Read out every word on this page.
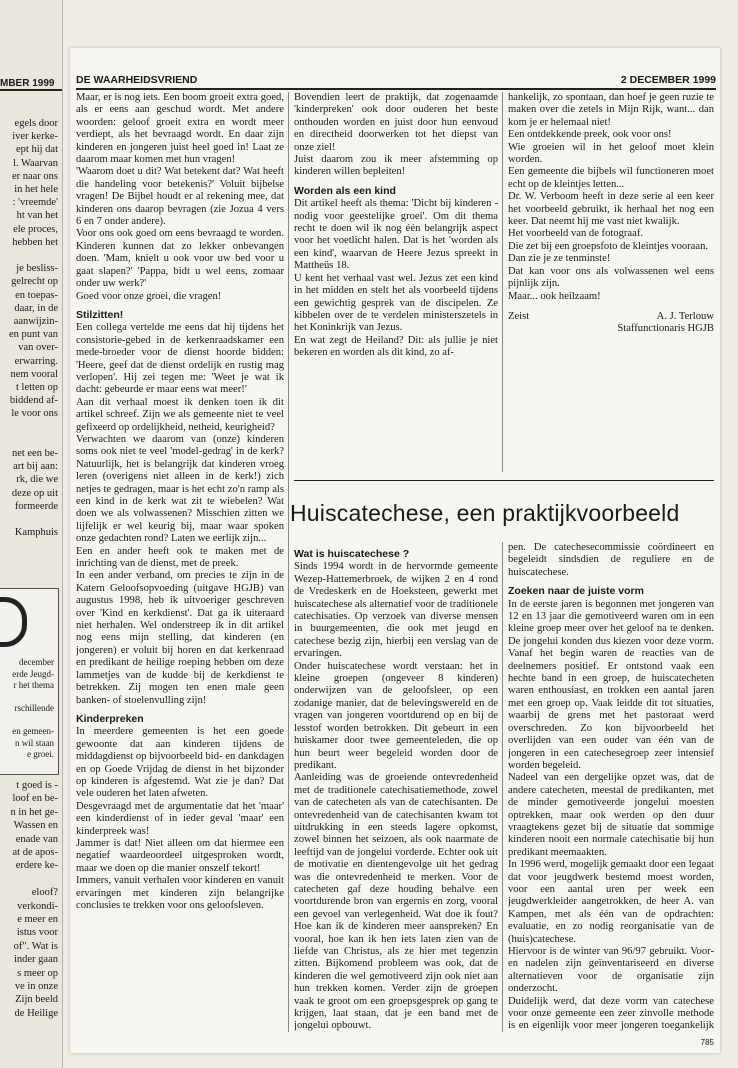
MBER 1999
egels door
iver kerke-
ept hij dat
l. Waarvan
er naar ons
in het hele
: 'vreemde'
ht van het
ele proces,
hebben het
je besliss-
gelrecht op
en toepas-
daar, in de
aanwijzin-
en punt van
van over-
erwarring.
nem vooral
t letten op
biddend af-
le voor ons
net een be-
art bij aan:
rk, die we
deze op uit
formeerde
Kamphuis
december
erde Jeugd-
r het thema
rschillende
en gemeen-
n wil staan
e groei.
t goed is -
loof en be-
n in het ge-
Wassen en
enade van
at de apos-
erdere ke-
eloof?
verkondi-
e meer en
istus voor
of". Wat is
inder gaan
s meer op
ve in onze
Zijn beeld
de Heilige
DE WAARHEIDSVRIEND	2 DECEMBER 1999

Maar, er is nog iets. Een boom groeit extra goed, als er eens aan geschud wordt. Met andere woorden: geloof groeit extra en wordt meer verdiept, als het bevraagd wordt. En daar zijn kinderen en jongeren juist heel goed in! Laat ze daarom maar komen met hun vragen!

'Waarom doet u dit? Wat betekent dat? Wat heeft die handeling voor betekenis?' Voluit bijbelse vragen! De Bijbel houdt er al rekening mee, dat kinderen ons daarop bevragen (zie Jozua 4 vers 6 en 7 onder andere).

Voor ons ook goed om eens bevraagd te worden. Kinderen kunnen dat zo lekker onbevangen doen. 'Mam, knielt u ook voor uw bed voor u gaat slapen?' 'Pappa, bidt u wel eens, zomaar onder uw werk?'

Goed voor onze groei, die vragen!

Stilzitten!

Een collega vertelde me eens dat hij tijdens het consistorie-gebed in de kerkenraadskamer een mede-broeder voor de dienst hoorde bidden: 'Heere, geef dat de dienst ordelijk en rustig mag verlopen'. Hij zei tegen me: 'Weet je wat ik dacht: gebeurde er maar eens wat meer!'

Aan dit verhaal moest ik denken toen ik dit artikel schreef. Zijn we als gemeente niet te veel gefixeerd op ordelijkheid, netheid, keurigheid?

Verwachten we daarom van (onze) kinderen soms ook niet te veel 'model-gedrag' in de kerk? Natuurlijk, het is belangrijk dat kinderen vroeg leren (overigens niet alleen in de kerk!) zich netjes te gedragen, maar is het echt zo'n ramp als een kind in de kerk wat zit te wiebelen? Wat doen we als volwassenen? Misschien zitten we lijfelijk er wel keurig bij, maar waar spoken onze gedachten rond? Laten we eerlijk zijn...

Een en ander heeft ook te maken met de inrichting van de dienst, met de preek.

In een ander verband, om precies te zijn in de Katern Geloofsopvoeding (uitgave HGJB) van augustus 1998, heb ik uitvoeriger geschreven over 'Kind en kerkdienst'. Dat ga ik uiteraard niet herhalen. Wel onderstreep ik in dit artikel nog eens mijn stelling, dat kinderen (en jongeren) er voluit bij horen en dat kerkenraad en predikant de heilige roeping hebben om deze lammetjes van de kudde bij de kerkdienst te betrekken. Zij mogen ten enen male geen banken- of stoelenvulling zijn!

Kinderpreken

In meerdere gemeenten is het een goede gewoonte dat aan kinderen tijdens de middagdienst op bijvoorbeeld bid- en dankdagen en op Goede Vrijdag de dienst in het bijzonder op kinderen is afgestemd. Wat zie je dan? Dat vele ouderen het laten afweten.

Desgevraagd met de argumentatie dat het 'maar' een kinderdienst of in ieder geval 'maar' een kinderpreek was!

Jammer is dat! Niet alleen om dat hiermee een negatief waardeoordeel uitgesproken wordt, maar we doen op die manier onszelf tekort!

Immers, vanuit verhalen voor kinderen en vanuit ervaringen met kinderen zijn belangrijke conclusies te trekken voor ons geloofsleven.

Bovendien leert de praktijk, dat zogenaamde 'kinderpreken' ook door ouderen het beste onthouden worden en juist door hun eenvoud en directheid doorwerken tot het diepst van onze ziel!

Juist daarom zou ik meer afstemming op kinderen willen bepleiten!

Worden als een kind

Dit artikel heeft als thema: 'Dicht bij kinderen - nodig voor geestelijke groei'. Om dit thema recht te doen wil ik nog één belangrijk aspect voor het voetlicht halen. Dat is het 'worden als een kind', waarvan de Heere Jezus spreekt in Mattheüs 18.

U kent het verhaal vast wel. Jezus zet een kind in het midden en stelt het als voorbeeld tijdens een gewichtig gesprek van de discipelen. Ze kibbelen over de te verdelen ministerszetels in het Koninkrijk van Jezus.

En wat zegt de Heiland? Dit: als jullie je niet bekeren en worden als dit kind, zo af-

hankelijk, zo spontaan, dan hoef je geen ruzie te maken over die zetels in Mijn Rijk, want... dan kom je er helemaal niet!

Een ontdekkende preek, ook voor ons!

Wie groeien wil in het geloof moet klein worden.

Een gemeente die bijbels wil functioneren moet echt op de kleintjes letten...

Dr. W. Verboom heeft in deze serie al een keer het voorbeeld gebruikt, ik herhaal het nog een keer. Dat neemt hij me vast niet kwalijk.

Het voorbeeld van de fotograaf.

Die zet bij een groepsfoto de kleintjes vooraan.

Dan zie je ze tenminste!

Dat kan voor ons als volwassenen wel eens pijnlijk zijn.

Maar... ook heilzaam!

Zeist	A. J. Terlouw
Staffunctionaris HGJB
Huiscatechese, een praktijkvoorbeeld
Wat is huiscatechese ?

Sinds 1994 wordt in de hervormde gemeente Wezep-Hattemerbroek, de wijken 2 en 4 rond de Vredeskerk en de Hoeksteen, gewerkt met huiscatechese als alternatief voor de traditionele catechisaties. Op verzoek van diverse mensen in buurgemeenten, die ook met jeugd en catechese bezig zijn, hierbij een verslag van de ervaringen.

Onder huiscatechese wordt verstaan: het in kleine groepen (ongeveer 8 kinderen) onderwijzen van de geloofsleer, op een zodanige manier, dat de belevingswereld en de vragen van jongeren voortdurend op en bij de lesstof worden betrokken. Dit gebeurt in een huiskamer door twee gemeenteleden, die op hun beurt weer begeleid worden door de predikant.

Aanleiding was de groeiende ontevredenheid met de traditionele catechisatiemethode, zowel van de catecheten als van de catechisanten. De ontevredenheid van de catechisanten kwam tot uitdrukking in een steeds lagere opkomst, zowel binnen het seizoen, als ook naarmate de leeftijd van de jongelui vorderde. Echter ook uit de motivatie en dientengevolge uit het gedrag was die ontevredenheid te merken. Voor de catecheten gaf deze houding behalve een voortdurende bron van ergernis en zorg, vooral een gevoel van verlegenheid. Wat doe ik fout? Hoe kan ik de kinderen meer aanspreken? En vooral, hoe kan ik hen iets laten zien van de liefde van Christus, als ze hier met tegenzin zitten. Bijkomend probleem was ook, dat de kinderen die wel gemotiveerd zijn ook niet aan hun trekken komen. Verder zijn de groepen vaak te groot om een groepsgesprek op gang te krijgen, laat staan, dat je een band met de jongelui opbouwt.

pen. De catechesecommissie coördineert en begeleidt sindsdien de reguliere en de huiscatechese.

Zoeken naar de juiste vorm

In de eerste jaren is begonnen met jongeren van 12 en 13 jaar die gemotiveerd waren om in een kleine groep meer over het geloof na te denken. De jongelui konden dus kiezen voor deze vorm. Vanaf het begin waren de reacties van de deelnemers positief. Er ontstond vaak een hechte band in een groep, de huiscatecheten waren enthousiast, en trokken een aantal jaren met een groep op. Vaak leidde dit tot situaties, waarbij de grens met het pastoraat werd overschreden. Zo kon bijvoorbeeld het overlijden van een ouder van één van de jongeren in een catechesegroep zeer intensief worden begeleid.

Nadeel van een dergelijke opzet was, dat de andere catecheten, meestal de predikanten, met de minder gemotiveerde jongelui moesten optrekken, maar ook werden op den duur vraagtekens gezet bij de situatie dat sommige kinderen nooit een normale catechisatie bij hun predikant meemaakten.

In 1996 werd, mogelijk gemaakt door een legaat dat voor jeugdwerk bestemd moest worden, voor een aantal uren per week een jeugdwerkleider aangetrokken, de heer A. van Kampen, met als één van de opdrachten: evaluatie, en zo nodig reorganisatie van de (huis)catechese.

Hiervoor is de winter van 96/97 gebruikt. Voor- en nadelen zijn geïnventariseerd en diverse alternatieven voor de organisatie zijn onderzocht.

Duidelijk werd, dat deze vorm van catechese voor onze gemeente een zeer zinvolle methode is en eigenlijk voor meer jongeren toegankelijk

785
